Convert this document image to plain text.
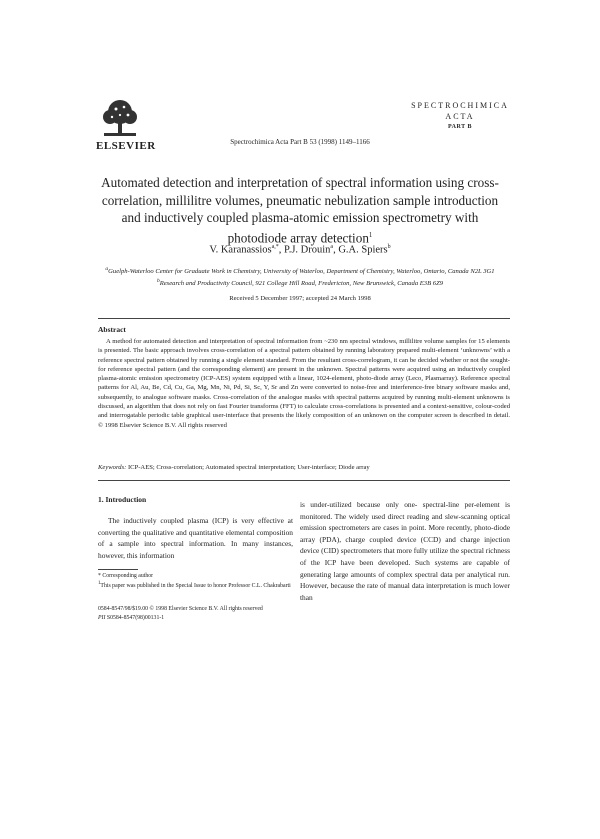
ELSEVIER	Spectrochimica Acta Part B 53 (1998) 1149–1166
SPECTROCHIMICA
ACTA
PART B
Automated detection and interpretation of spectral information using cross-correlation, millilitre volumes, pneumatic nebulization sample introduction and inductively coupled plasma-atomic emission spectrometry with photodiode array detection$^1$
V. Karanassios$^{a,*}$, P.J. Drouin$^a$, G.A. Spiers$^b$
$^a$Guelph-Waterloo Center for Graduate Work in Chemistry, University of Waterloo, Department of Chemistry, Waterloo, Ontario, Canada N2L 3G1
$^b$Research and Productivity Council, 921 College Hill Road, Fredericton, New Brunswick, Canada E3B 6Z9
Received 5 December 1997; accepted 24 March 1998
Abstract
A method for automated detection and interpretation of spectral information from ~230 nm spectral windows, millilitre volume samples for 15 elements is presented. The basic approach involves cross-correlation of a spectral pattern obtained by running laboratory prepared multi-element ‘unknowns’ with a reference spectral pattern obtained by running a single element standard. From the resultant cross-correlogram, it can be decided whether or not the sought-for reference spectral pattern (and the corresponding element) are present in the unknown. Spectral patterns were acquired using an inductively coupled plasma-atomic emission spectrometry (ICP-AES) system equipped with a linear, 1024-element, photo-diode array (Leco, Plasmarray). Reference spectral patterns for Al, Au, Be, Cd, Cu, Ga, Mg, Mn, Ni, Pd, Si, Sc, Y, Sr and Zn were converted to noise-free and interference-free binary software masks and, subsequently, to analogue software masks. Cross-correlation of the analogue masks with spectral patterns acquired by running multi-element unknowns is discussed, an algorithm that does not rely on fast Fourier transforms (FFT) to calculate cross-correlations is presented and a context-sensitive, colour-coded and interrogatable periodic table graphical user-interface that presents the likely composition of an unknown on the computer screen is described in detail. © 1998 Elsevier Science B.V. All rights reserved
Keywords: ICP-AES; Cross-correlation; Automated spectral interpretation; User-interface; Diode array
1. Introduction
The inductively coupled plasma (ICP) is very effective at converting the qualitative and quantitative elemental composition of a sample into spectral information. In many instances, however, this information
is under-utilized because only one- spectral-line per-element is monitored. The widely used direct reading and slew-scanning optical emission spectrometers are cases in point. More recently, photo-diode array (PDA), charge coupled device (CCD) and charge injection device (CID) spectrometers that more fully utilize the spectral richness of the ICP have been developed. Such systems are capable of generating large amounts of complex spectral data per analytical run. However, because the rate of manual data interpretation is much lower than
* Corresponding author
$^1$This paper was published in the Special Issue to honor Professor C.L. Chakrabarti
0584-8547/98/$19.00 © 1998 Elsevier Science B.V. All rights reserved
PII S0584-8547(98)00131-1
